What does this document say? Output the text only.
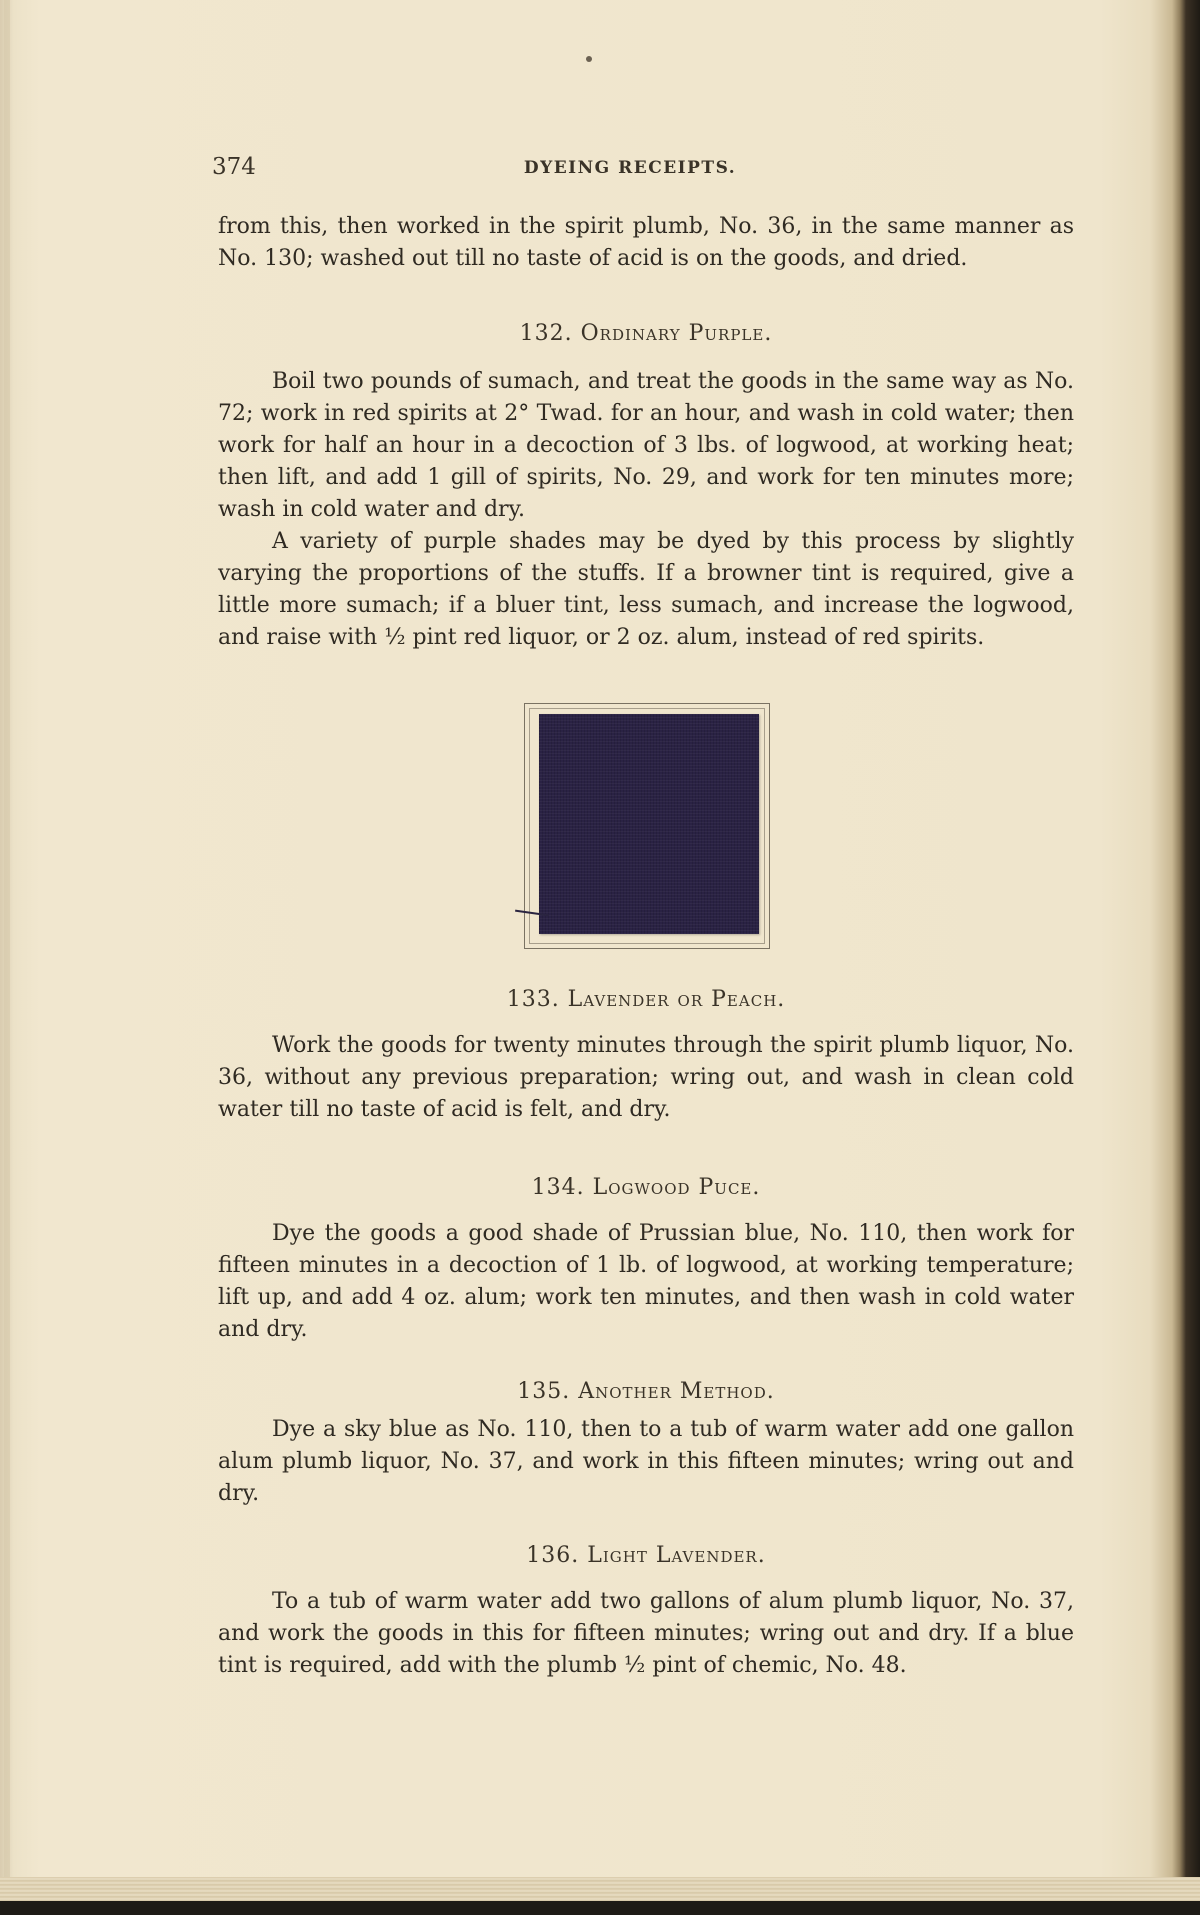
374	DYEING RECEIPTS.

from this, then worked in the spirit plumb, No. 36, in the same manner as No. 130; washed out till no taste of acid is on the goods, and dried.

132. Ordinary Purple.

Boil two pounds of sumach, and treat the goods in the same way as No. 72; work in red spirits at 2° Twad. for an hour, and wash in cold water; then work for half an hour in a decoction of 3 lbs. of logwood, at working heat; then lift, and add 1 gill of spirits, No. 29, and work for ten minutes more; wash in cold water and dry.

A variety of purple shades may be dyed by this process by slightly varying the proportions of the stuffs. If a browner tint is required, give a little more sumach; if a bluer tint, less sumach, and increase the logwood, and raise with ½ pint red liquor, or 2 oz. alum, instead of red spirits.

133. Lavender or Peach.

Work the goods for twenty minutes through the spirit plumb liquor, No. 36, without any previous preparation; wring out, and wash in clean cold water till no taste of acid is felt, and dry.

134. Logwood Puce.

Dye the goods a good shade of Prussian blue, No. 110, then work for fifteen minutes in a decoction of 1 lb. of logwood, at working temperature; lift up, and add 4 oz. alum; work ten minutes, and then wash in cold water and dry.

135. Another Method.

Dye a sky blue as No. 110, then to a tub of warm water add one gallon alum plumb liquor, No. 37, and work in this fifteen minutes; wring out and dry.

136. Light Lavender.

To a tub of warm water add two gallons of alum plumb liquor, No. 37, and work the goods in this for fifteen minutes; wring out and dry. If a blue tint is required, add with the plumb ½ pint of chemic, No. 48.
